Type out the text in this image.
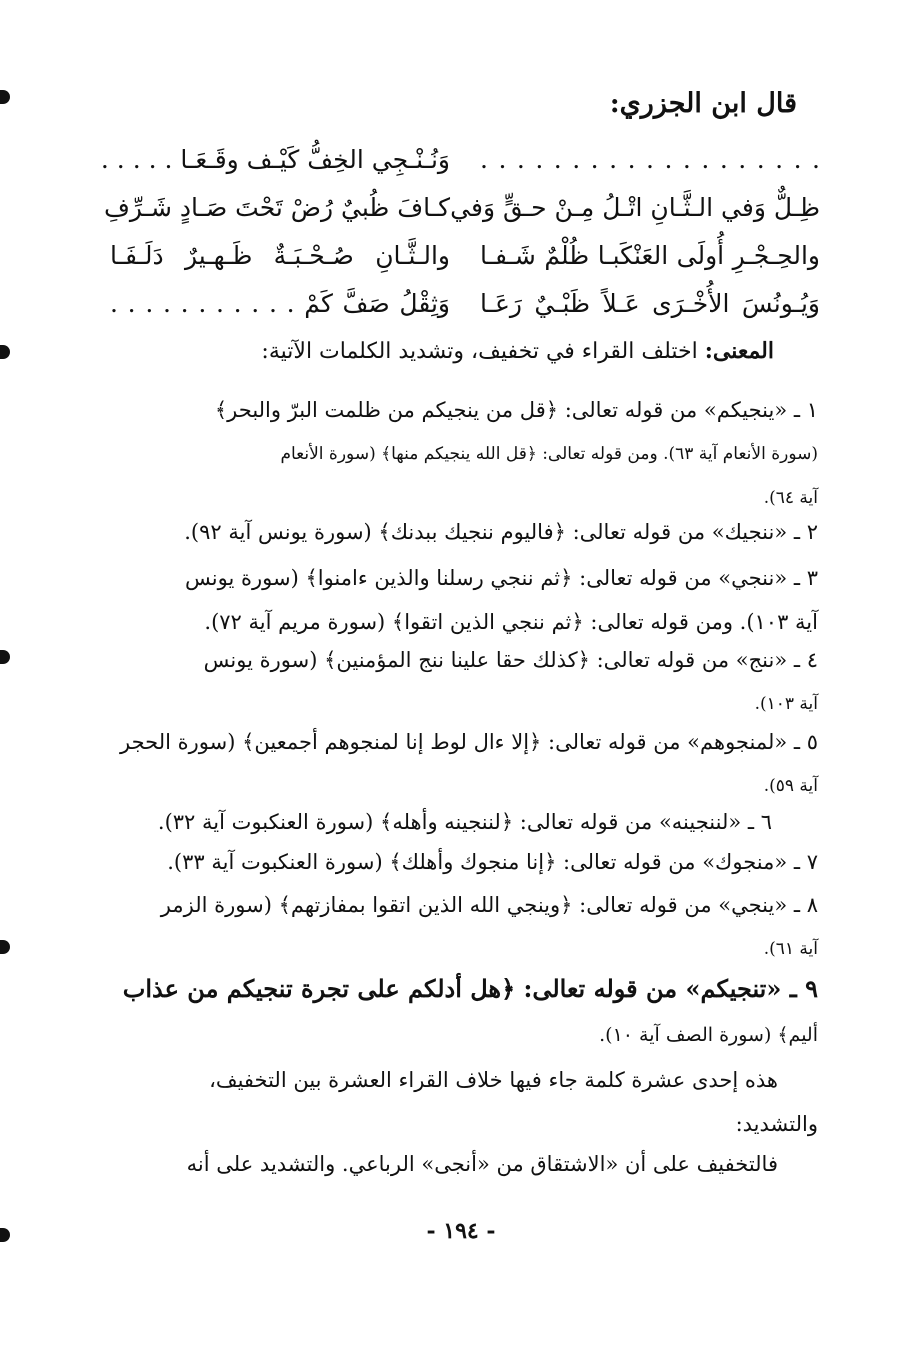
قال ابن الجزري:
. . . . . . . . . . . . . . . . . . .
وَنُـنْـجِي الخِفُّ كَيْـف وقَـعَـا . . . . .
ظِـلٌّ وَفي الـثَّـانِ اتْـلُ مِـنْ حـقٍّ وَفي
كـافَ ظُبيٌ رُضْ تَحْتَ صَـادٍ شَـرِّفِ
والحِـجْـرِ أُولَى العَنْكَبـا ظُلْمٌ شَـفـا
والـثَّـانِ صُـحْـبَـةٌ ظَـهـيرٌ دَلَـفَـا
وَيُـونُسَ الأُخْـرَى عَـلاً ظَبْـيٌ رَعَـا
وَثِقْلُ صَفَّ كَمْ . . . . . . . . . . .
المعنى: اختلف القراء في تخفيف، وتشديد الكلمات الآتية:
١ ـ «ينجيكم» من قوله تعالى: ﴿قل من ينجيكم من ظلمت البرّ والبحر﴾
(سورة الأنعام آية ٦٣). ومن قوله تعالى: ﴿قل الله ينجيكم منها﴾ (سورة الأنعام
آية ٦٤).
٢ ـ «ننجيك» من قوله تعالى: ﴿فاليوم ننجيك ببدنك﴾ (سورة يونس آية ٩٢).
٣ ـ «ننجي» من قوله تعالى: ﴿ثم ننجي رسلنا والذين ءامنوا﴾ (سورة يونس
آية ١٠٣). ومن قوله تعالى: ﴿ثم ننجي الذين اتقوا﴾ (سورة مريم آية ٧٢).
٤ ـ «ننج» من قوله تعالى: ﴿كذلك حقا علينا ننج المؤمنين﴾ (سورة يونس
آية ١٠٣).
٥ ـ «لمنجوهم» من قوله تعالى: ﴿إلا ءال لوط إنا لمنجوهم أجمعين﴾ (سورة الحجر
آية ٥٩).
٦ ـ «لننجينه» من قوله تعالى: ﴿لننجينه وأهله﴾ (سورة العنكبوت آية ٣٢).
٧ ـ «منجوك» من قوله تعالى: ﴿إنا منجوك وأهلك﴾ (سورة العنكبوت آية ٣٣).
٨ ـ «ينجي» من قوله تعالى: ﴿وينجي الله الذين اتقوا بمفازتهم﴾ (سورة الزمر
آية ٦١).
٩ ـ «تنجيكم» من قوله تعالى: ﴿هل أدلكم على تجرة تنجيكم من عذاب
أليم﴾ (سورة الصف آية ١٠).
هذه إحدى عشرة كلمة جاء فيها خلاف القراء العشرة بين التخفيف،
والتشديد:
فالتخفيف على أن «الاشتقاق من «أنجى» الرباعي. والتشديد على أنه
- ١٩٤ -
